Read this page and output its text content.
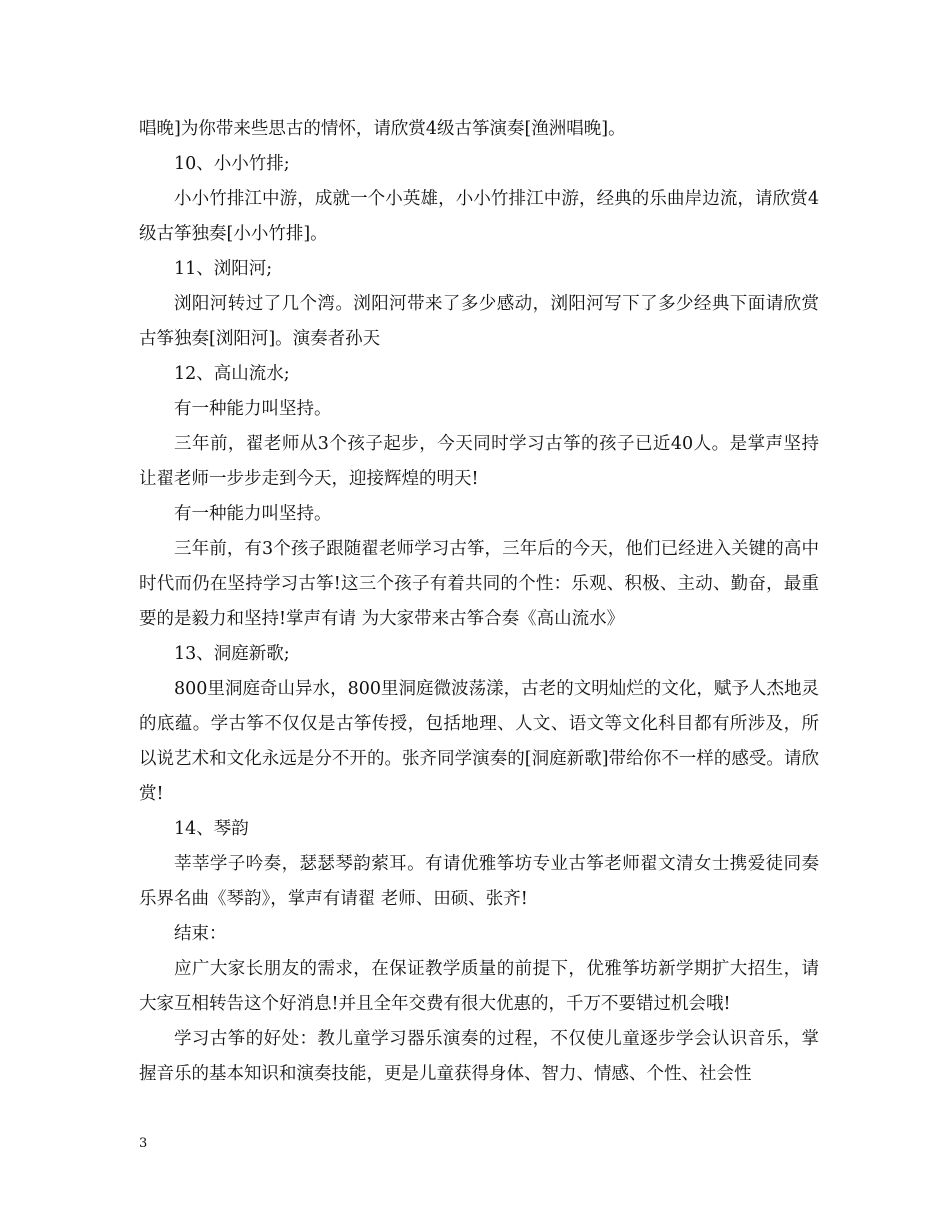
唱晚]为你带来些思古的情怀，请欣赏4级古筝演奏[渔洲唱晚]。

10、小小竹排;

小小竹排江中游，成就一个小英雄，小小竹排江中游，经典的乐曲岸边流，请欣赏4级古筝独奏[小小竹排]。

11、浏阳河;

浏阳河转过了几个湾。浏阳河带来了多少感动，浏阳河写下了多少经典下面请欣赏古筝独奏[浏阳河]。演奏者孙天

12、高山流水;

有一种能力叫坚持。

三年前，翟老师从3个孩子起步，今天同时学习古筝的孩子已近40人。是掌声坚持让翟老师一步步走到今天，迎接辉煌的明天!

有一种能力叫坚持。

三年前，有3个孩子跟随翟老师学习古筝，三年后的今天，他们已经进入关键的高中时代而仍在坚持学习古筝!这三个孩子有着共同的个性：乐观、积极、主动、勤奋，最重要的是毅力和坚持!掌声有请 为大家带来古筝合奏《高山流水》

13、洞庭新歌;

800里洞庭奇山异水，800里洞庭微波荡漾，古老的文明灿烂的文化，赋予人杰地灵的底蕴。学古筝不仅仅是古筝传授，包括地理、人文、语文等文化科目都有所涉及，所以说艺术和文化永远是分不开的。张齐同学演奏的[洞庭新歌]带给你不一样的感受。请欣赏!

14、琴韵

莘莘学子吟奏，瑟瑟琴韵萦耳。有请优雅筝坊专业古筝老师翟文清女士携爱徒同奏乐界名曲《琴韵》，掌声有请翟 老师、田硕、张齐!

结束：

应广大家长朋友的需求，在保证教学质量的前提下，优雅筝坊新学期扩大招生，请大家互相转告这个好消息!并且全年交费有很大优惠的，千万不要错过机会哦!

学习古筝的好处：教儿童学习器乐演奏的过程，不仅使儿童逐步学会认识音乐，掌握音乐的基本知识和演奏技能，更是儿童获得身体、智力、情感、个性、社会性

3
